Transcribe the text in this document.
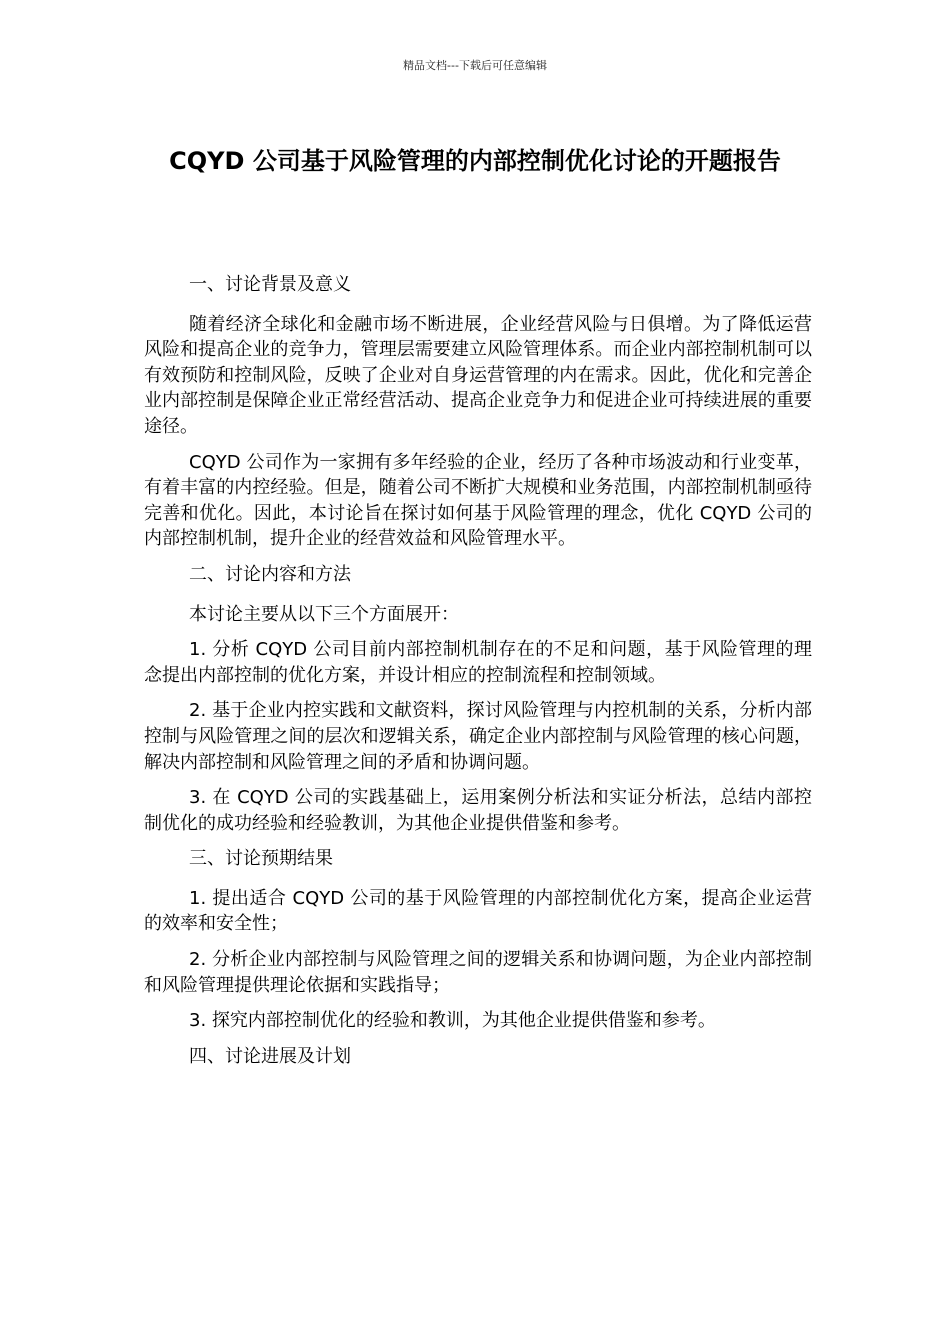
精品文档---下载后可任意编辑
CQYD 公司基于风险管理的内部控制优化讨论的开题报告

一、讨论背景及意义

随着经济全球化和金融市场不断进展，企业经营风险与日俱增。为了降低运营风险和提高企业的竞争力，管理层需要建立风险管理体系。而企业内部控制机制可以有效预防和控制风险，反映了企业对自身运营管理的内在需求。因此，优化和完善企业内部控制是保障企业正常经营活动、提高企业竞争力和促进企业可持续进展的重要途径。

CQYD 公司作为一家拥有多年经验的企业，经历了各种市场波动和行业变革，有着丰富的内控经验。但是，随着公司不断扩大规模和业务范围，内部控制机制亟待完善和优化。因此，本讨论旨在探讨如何基于风险管理的理念，优化 CQYD 公司的内部控制机制，提升企业的经营效益和风险管理水平。

二、讨论内容和方法

本讨论主要从以下三个方面展开：

1. 分析 CQYD 公司目前内部控制机制存在的不足和问题，基于风险管理的理念提出内部控制的优化方案，并设计相应的控制流程和控制领域。

2. 基于企业内控实践和文献资料，探讨风险管理与内控机制的关系，分析内部控制与风险管理之间的层次和逻辑关系，确定企业内部控制与风险管理的核心问题，解决内部控制和风险管理之间的矛盾和协调问题。

3. 在 CQYD 公司的实践基础上，运用案例分析法和实证分析法，总结内部控制优化的成功经验和经验教训，为其他企业提供借鉴和参考。

三、讨论预期结果

1. 提出适合 CQYD 公司的基于风险管理的内部控制优化方案，提高企业运营的效率和安全性；

2. 分析企业内部控制与风险管理之间的逻辑关系和协调问题，为企业内部控制和风险管理提供理论依据和实践指导；

3. 探究内部控制优化的经验和教训，为其他企业提供借鉴和参考。

四、讨论进展及计划
